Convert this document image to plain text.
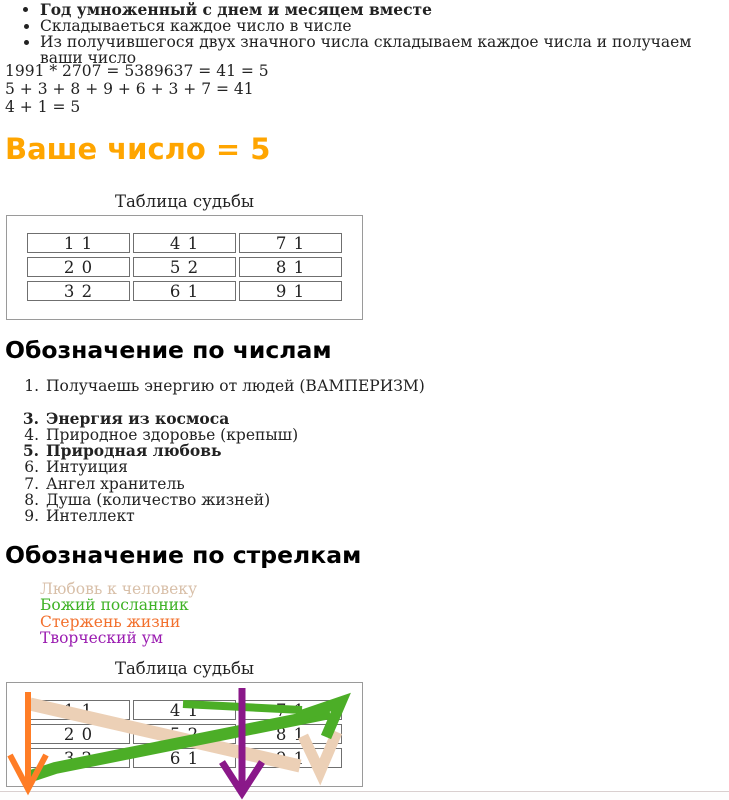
• Год умноженный с днем и месяцем вместе
• Складываеться каждое число в числе
• Из получившегося двух значного числа складываем каждое числа и получаем ваши число
1991 * 2707 = 5389637 = 41 = 5
5 + 3 + 8 + 9 + 6 + 3 + 7 = 41
4 + 1 = 5
Ваше число = 5
Таблица судьбы
1 1	4 1	7 1
2 0	5 2	8 1
3 2	6 1	9 1
Обозначение по числам
1. Получаешь энергию от людей (ВАМПЕРИЗМ)
3. Энергия из космоса
4. Природное здоровье (крепыш)
5. Природная любовь
6. Интуиция
7. Ангел хранитель
8. Душа (количество жизней)
9. Интеллект
Обозначение по стрелкам
Любовь к человеку
Божий посланник
Стержень жизни
Творческий ум
Таблица судьбы
1 1	4 1	7 1
2 0	5 2	8 1
3 2	6 1	9 1
